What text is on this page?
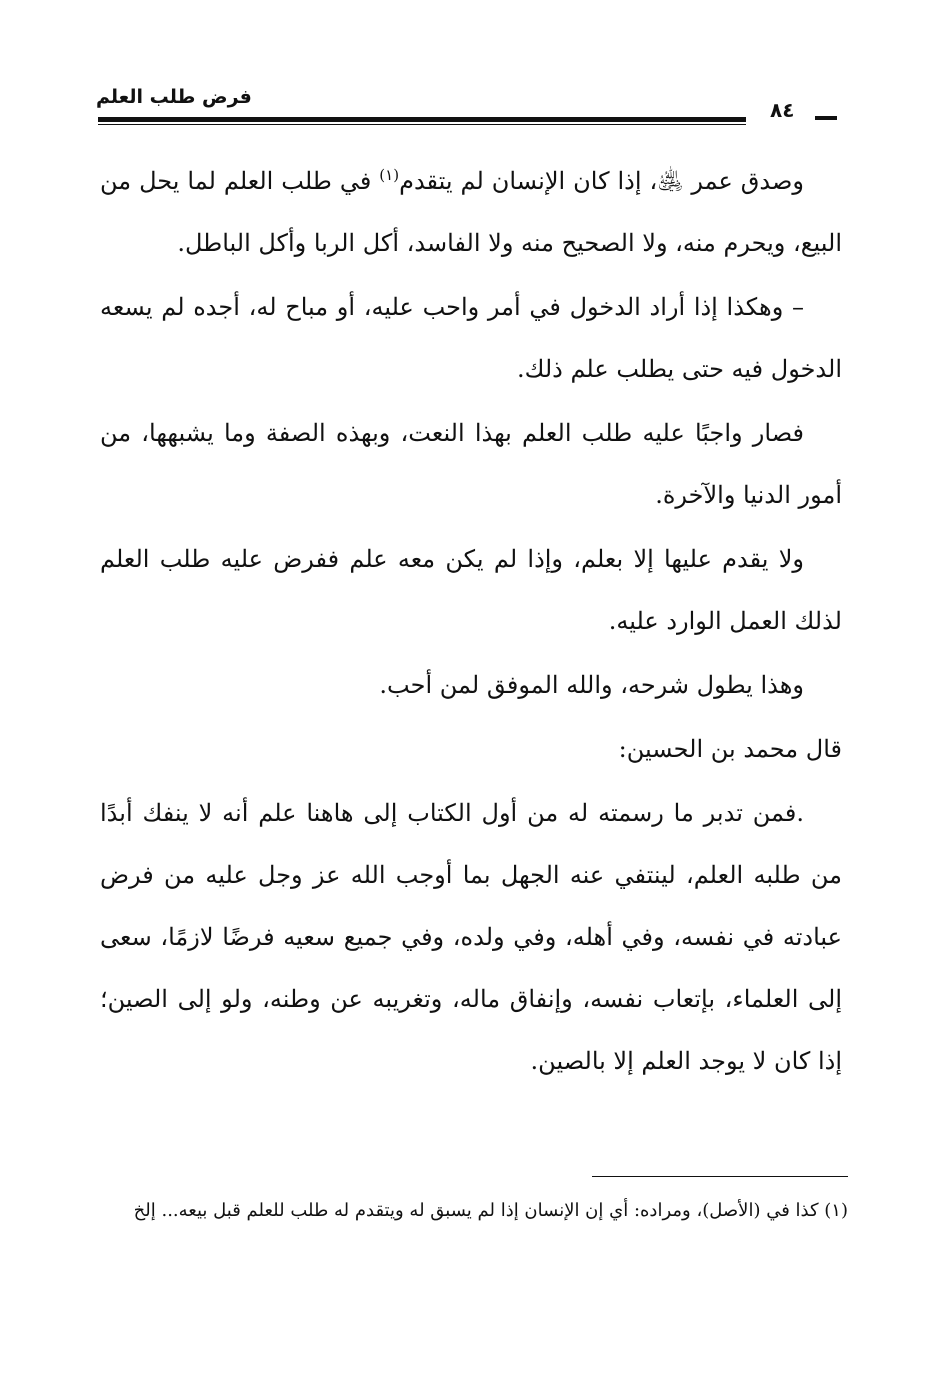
فرض طلب العلم
٨٤

وصدق عمر ﵁، إذا كان الإنسان لم يتقدم$^{(١)}$ في طلب العلم لما يحل من البيع، ويحرم منه، ولا الصحيح منه ولا الفاسد، أكل الربا وأكل الباطل.

– وهكذا إذا أراد الدخول في أمر واحب عليه، أو مباح له، أجده لم يسعه الدخول فيه حتى يطلب علم ذلك.

فصار واجبًا عليه طلب العلم بهذا النعت، وبهذه الصفة وما يشبهها، من أمور الدنيا والآخرة.

ولا يقدم عليها إلا بعلم، وإذا لم يكن معه علم ففرض عليه طلب العلم لذلك العمل الوارد عليه.

وهذا يطول شرحه، والله الموفق لمن أحب.

قال محمد بن الحسين:

.فمن تدبر ما رسمته له من أول الكتاب إلى هاهنا علم أنه لا ينفك أبدًا من طلبه العلم، لينتفي عنه الجهل بما أوجب الله عز وجل عليه من فرض عبادته في نفسه، وفي أهله، وفي ولده، وفي جميع سعيه فرضًا لازمًا، سعى إلى العلماء، بإتعاب نفسه، وإنفاق ماله، وتغريبه عن وطنه، ولو إلى الصين؛ إذا كان لا يوجد العلم إلا بالصين.

(١) كذا في (الأصل)، ومراده: أي إن الإنسان إذا لم يسبق له ويتقدم له طلب للعلم قبل بيعه... إلخ
